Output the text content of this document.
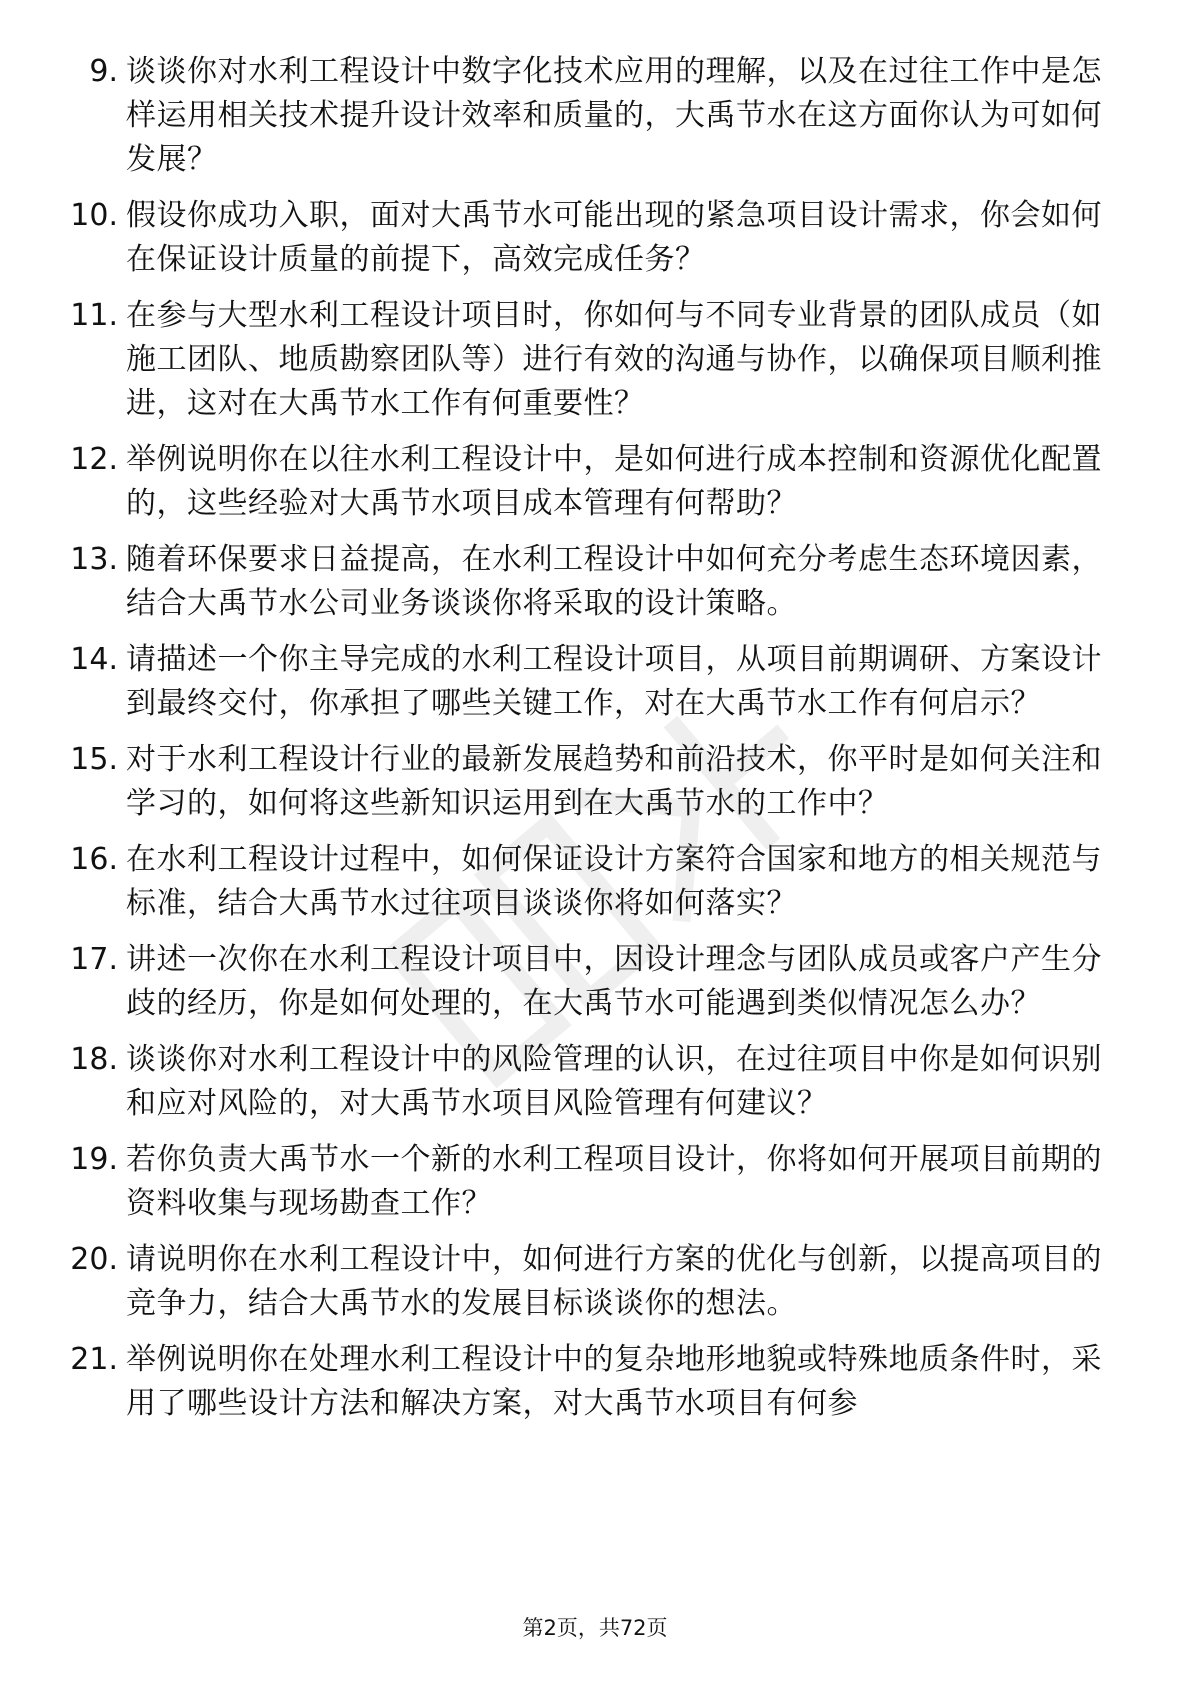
9. 谈谈你对水利工程设计中数字化技术应用的理解，以及在过往工作中是怎样运用相关技术提升设计效率和质量的，大禹节水在这方面你认为可如何发展？
10. 假设你成功入职，面对大禹节水可能出现的紧急项目设计需求，你会如何在保证设计质量的前提下，高效完成任务？
11. 在参与大型水利工程设计项目时，你如何与不同专业背景的团队成员（如施工团队、地质勘察团队等）进行有效的沟通与协作，以确保项目顺利推进，这对在大禹节水工作有何重要性？
12. 举例说明你在以往水利工程设计中，是如何进行成本控制和资源优化配置的，这些经验对大禹节水项目成本管理有何帮助？
13. 随着环保要求日益提高，在水利工程设计中如何充分考虑生态环境因素，结合大禹节水公司业务谈谈你将采取的设计策略。
14. 请描述一个你主导完成的水利工程设计项目，从项目前期调研、方案设计到最终交付，你承担了哪些关键工作，对在大禹节水工作有何启示？
15. 对于水利工程设计行业的最新发展趋势和前沿技术，你平时是如何关注和学习的，如何将这些新知识运用到在大禹节水的工作中？
16. 在水利工程设计过程中，如何保证设计方案符合国家和地方的相关规范与标准，结合大禹节水过往项目谈谈你将如何落实？
17. 讲述一次你在水利工程设计项目中，因设计理念与团队成员或客户产生分歧的经历，你是如何处理的，在大禹节水可能遇到类似情况怎么办？
18. 谈谈你对水利工程设计中的风险管理的认识，在过往项目中你是如何识别和应对风险的，对大禹节水项目风险管理有何建议？
19. 若你负责大禹节水一个新的水利工程项目设计，你将如何开展项目前期的资料收集与现场勘查工作？
20. 请说明你在水利工程设计中，如何进行方案的优化与创新，以提高项目的竞争力，结合大禹节水的发展目标谈谈你的想法。
21. 举例说明你在处理水利工程设计中的复杂地形地貌或特殊地质条件时，采用了哪些设计方法和解决方案，对大禹节水项目有何参
第2页，共72页
